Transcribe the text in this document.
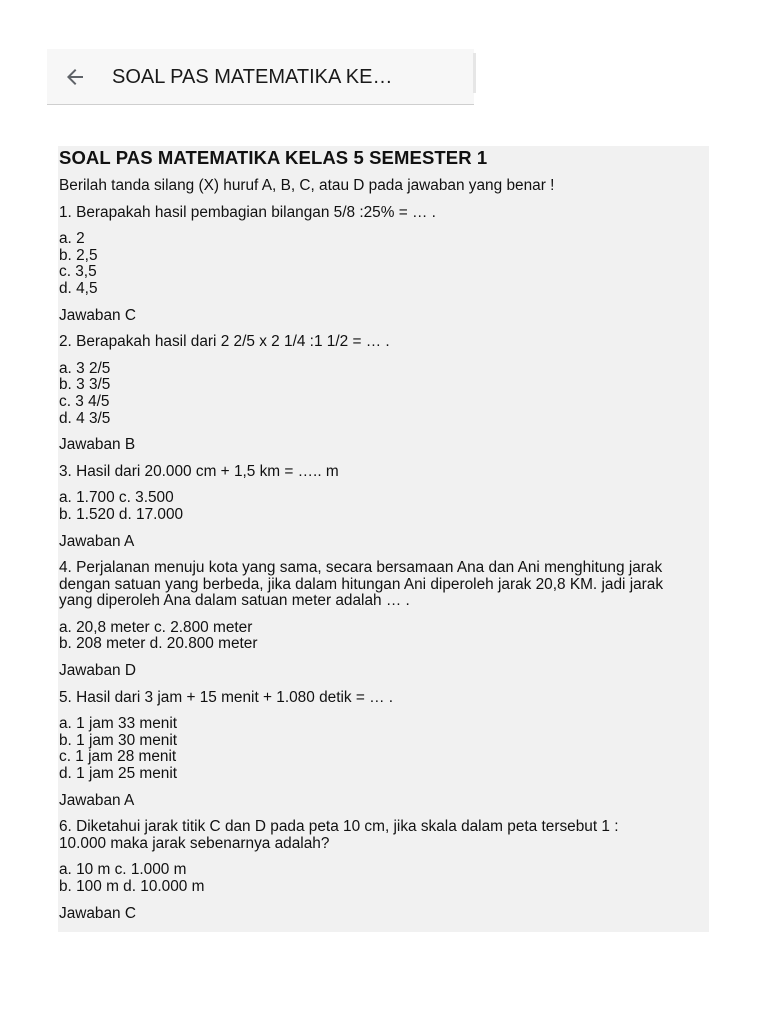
SOAL PAS MATEMATIKA KE…
SOAL PAS MATEMATIKA KELAS 5 SEMESTER 1

Berilah tanda silang (X) huruf A, B, C, atau D pada jawaban yang benar !

1. Berapakah hasil pembagian bilangan 5/8 :25% = … .

a. 2
b. 2,5
c. 3,5
d. 4,5

Jawaban C

2. Berapakah hasil dari 2 2/5 x 2 1/4 :1 1/2 = … .

a. 3 2/5
b. 3 3/5
c. 3 4/5
d. 4 3/5

Jawaban B

3. Hasil dari 20.000 cm + 1,5 km = ….. m

a. 1.700 c. 3.500
b. 1.520 d. 17.000

Jawaban A

4. Perjalanan menuju kota yang sama, secara bersamaan Ana dan Ani menghitung jarak
dengan satuan yang berbeda, jika dalam hitungan Ani diperoleh jarak 20,8 KM. jadi jarak
yang diperoleh Ana dalam satuan meter adalah … .
a. 20,8 meter c. 2.800 meter
b. 208 meter d. 20.800 meter

Jawaban D

5. Hasil dari 3 jam + 15 menit + 1.080 detik = … .

a. 1 jam 33 menit
b. 1 jam 30 menit
c. 1 jam 28 menit
d. 1 jam 25 menit

Jawaban A

6. Diketahui jarak titik C dan D pada peta 10 cm, jika skala dalam peta tersebut 1 :
10.000 maka jarak sebenarnya adalah?
a. 10 m c. 1.000 m
b. 100 m d. 10.000 m

Jawaban C
